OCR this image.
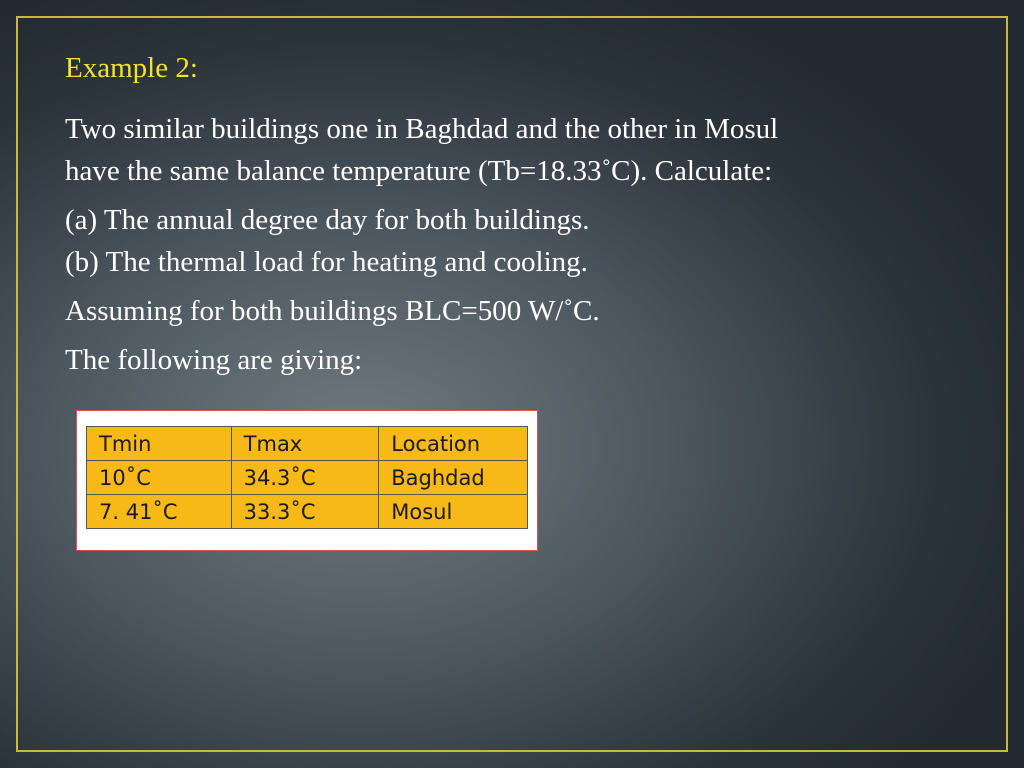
Example 2:

Two similar buildings one in Baghdad and the other in Mosul
have the same balance temperature (Tb=18.33˚C). Calculate:

(a) The annual degree day for both buildings.
(b) The thermal load for heating and cooling.

Assuming for both buildings BLC=500 W/˚C.

The following are giving:

Tmin	Tmax	Location
10˚C	34.3˚C	Baghdad
7. 41˚C	33.3˚C	Mosul
